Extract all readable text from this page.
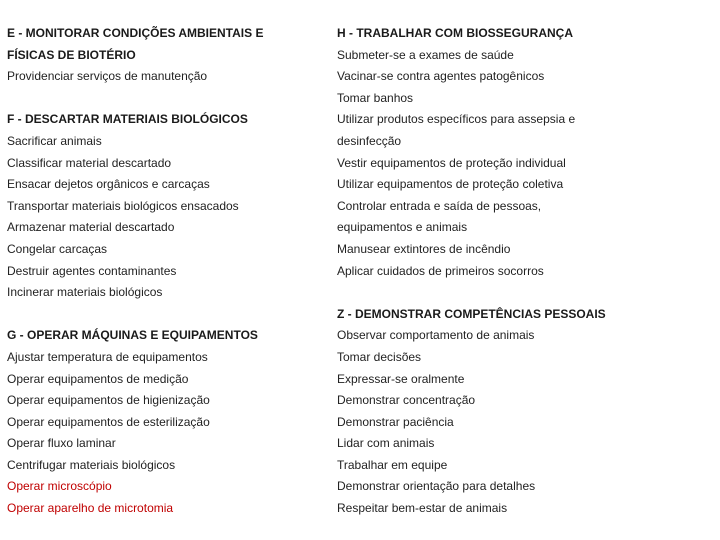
E - MONITORAR CONDIÇÕES AMBIENTAIS E
FÍSICAS DE BIOTÉRIO
Providenciar serviços de manutenção
F - DESCARTAR MATERIAIS BIOLÓGICOS
Sacrificar animais
Classificar material descartado
Ensacar dejetos orgânicos e carcaças
Transportar materiais biológicos ensacados
Armazenar material descartado
Congelar carcaças
Destruir agentes contaminantes
Incinerar materiais biológicos
G - OPERAR MÁQUINAS E EQUIPAMENTOS
Ajustar temperatura de equipamentos
Operar equipamentos de medição
Operar equipamentos de higienização
Operar equipamentos de esterilização
Operar fluxo laminar
Centrifugar materiais biológicos
Operar microscópio
Operar aparelho de microtomia
H - TRABALHAR COM BIOSSEGURANÇA
Submeter-se a exames de saúde
Vacinar-se contra agentes patogênicos
Tomar banhos
Utilizar produtos específicos para assepsia e
desinfecção
Vestir equipamentos de proteção individual
Utilizar equipamentos de proteção coletiva
Controlar entrada e saída de pessoas,
equipamentos e animais
Manusear extintores de incêndio
Aplicar cuidados de primeiros socorros
Z - DEMONSTRAR COMPETÊNCIAS PESSOAIS
Observar comportamento de animais
Tomar decisões
Expressar-se oralmente
Demonstrar concentração
Demonstrar paciência
Lidar com animais
Trabalhar em equipe
Demonstrar orientação para detalhes
Respeitar bem-estar de animais
